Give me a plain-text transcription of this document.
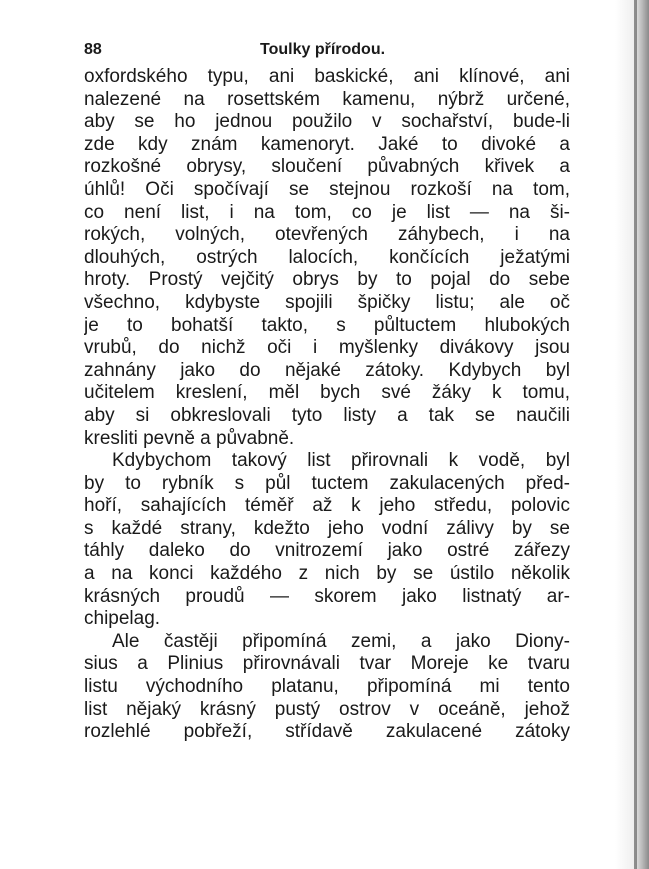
88	Toulky přírodou.
oxfordského typu, ani baskické, ani klínové, ani
nalezené na rosettském kamenu, nýbrž určené,
aby se ho jednou použilo v sochařství, bude-li
zde kdy znám kamenoryt. Jaké to divoké a
rozkošné obrysy, sloučení půvabných křivek a
úhlů! Oči spočívají se stejnou rozkoší na tom,
co není list, i na tom, co je list — na ši-
rokých, volných, otevřených záhybech, i na
dlouhých, ostrých lalocích, končících ježatými
hroty. Prostý vejčitý obrys by to pojal do sebe
všechno, kdybyste spojili špičky listu; ale oč
je to bohatší takto, s půltuctem hlubokých
vrubů, do nichž oči i myšlenky divákovy jsou
zahnány jako do nějaké zátoky. Kdybych byl
učitelem kreslení, měl bych své žáky k tomu,
aby si obkreslovali tyto listy a tak se naučili
kresliti pevně a půvabně.
Kdybychom takový list přirovnali k vodě, byl
by to rybník s půl tuctem zakulacených před-
hoří, sahajících téměř až k jeho středu, polovic
s každé strany, kdežto jeho vodní zálivy by se
táhly daleko do vnitrozemí jako ostré zářezy
a na konci každého z nich by se ústilo několik
krásných proudů — skorem jako listnatý ar-
chipelag.
Ale častěji připomíná zemi, a jako Diony-
sius a Plinius přirovnávali tvar Moreje ke tvaru
listu východního platanu, připomíná mi tento
list nějaký krásný pustý ostrov v oceáně, jehož
rozlehlé pobřeží, střídavě zakulacené zátoky
